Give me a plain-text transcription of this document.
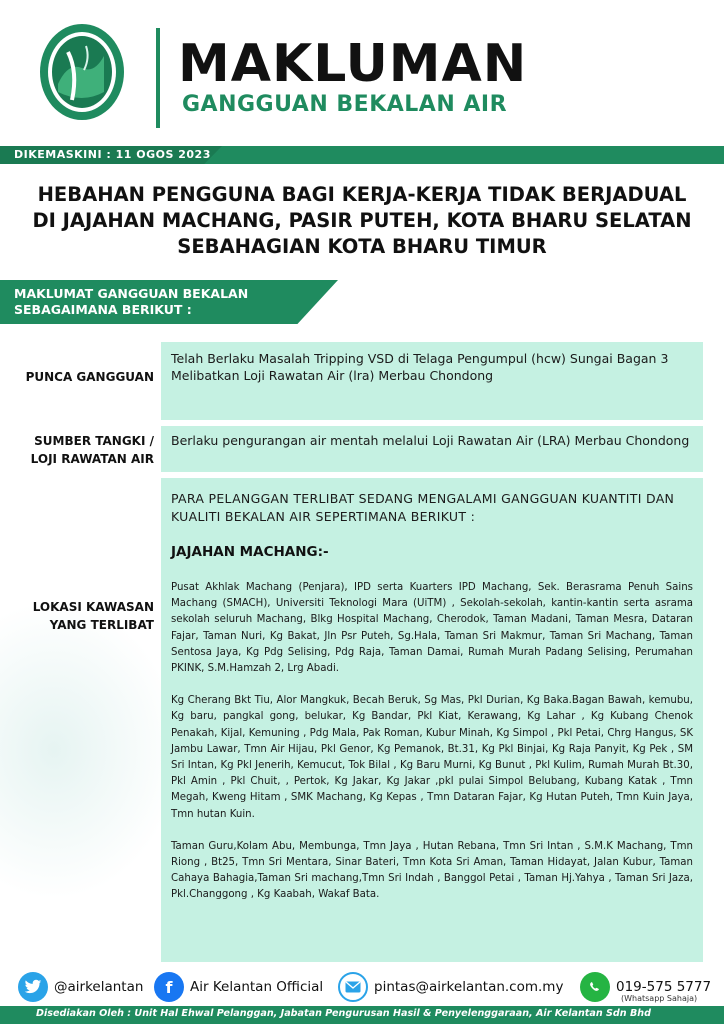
MAKLUMAN
GANGGUAN BEKALAN AIR
DIKEMASKINI : 11 OGOS 2023
HEBAHAN PENGGUNA BAGI KERJA-KERJA TIDAK BERJADUAL
DI JAJAHAN MACHANG, PASIR PUTEH, KOTA BHARU SELATAN
SEBAHAGIAN KOTA BHARU TIMUR
MAKLUMAT GANGGUAN BEKALAN
SEBAGAIMANA BERIKUT :
PUNCA GANGGUAN
Telah Berlaku Masalah Tripping VSD di Telaga Pengumpul (hcw) Sungai Bagan 3 Melibatkan Loji Rawatan Air (lra) Merbau Chondong
SUMBER TANGKI /
LOJI RAWATAN AIR
Berlaku pengurangan air mentah melalui Loji Rawatan Air (LRA) Merbau Chondong
LOKASI KAWASAN
YANG TERLIBAT
PARA PELANGGAN TERLIBAT SEDANG MENGALAMI GANGGUAN KUANTITI DAN KUALITI BEKALAN AIR SEPERTIMANA BERIKUT :
JAJAHAN MACHANG:-
Pusat Akhlak Machang (Penjara), IPD serta Kuarters IPD Machang, Sek. Berasrama Penuh Sains Machang (SMACH), Universiti Teknologi Mara (UiTM) , Sekolah-sekolah, kantin-kantin serta asrama sekolah seluruh Machang, Blkg Hospital Machang, Cherodok, Taman Madani, Taman Mesra, Dataran Fajar, Taman Nuri, Kg Bakat, Jln Psr Puteh, Sg.Hala, Taman Sri Makmur, Taman Sri Machang, Taman Sentosa Jaya, Kg Pdg Selising, Pdg Raja, Taman Damai, Rumah Murah Padang Selising, Perumahan PKINK, S.M.Hamzah 2, Lrg Abadi.
Kg Cherang Bkt Tiu, Alor Mangkuk, Becah Beruk, Sg Mas, Pkl Durian, Kg Baka.Bagan Bawah, kemubu, Kg baru, pangkal gong, belukar, Kg Bandar, Pkl Kiat, Kerawang, Kg Lahar , Kg Kubang Chenok Penakah, Kijal, Kemuning , Pdg Mala, Pak Roman, Kubur Minah, Kg Simpol , Pkl Petai, Chrg Hangus, SK Jambu Lawar, Tmn Air Hijau, Pkl Genor, Kg Pemanok, Bt.31, Kg Pkl Binjai, Kg Raja Panyit, Kg Pek , SM Sri Intan, Kg Pkl Jenerih, Kemucut, Tok Bilal , Kg Baru Murni, Kg Bunut , Pkl Kulim, Rumah Murah Bt.30, Pkl Amin , Pkl Chuit, , Pertok, Kg Jakar, Kg Jakar ,pkl pulai Simpol Belubang, Kubang Katak , Tmn Megah, Kweng Hitam , SMK Machang, Kg Kepas , Tmn Dataran Fajar, Kg Hutan Puteh, Tmn Kuin Jaya, Tmn hutan Kuin.
Taman Guru,Kolam Abu, Membunga, Tmn Jaya , Hutan Rebana, Tmn Sri Intan , S.M.K Machang, Tmn Riong , Bt25, Tmn Sri Mentara, Sinar Bateri, Tmn Kota Sri Aman, Taman Hidayat, Jalan Kubur, Taman Cahaya Bahagia,Taman Sri machang,Tmn Sri Indah , Banggol Petai , Taman Hj.Yahya , Taman Sri Jaza, Pkl.Changgong , Kg Kaabah, Wakaf Bata.
@airkelantan	f	Air Kelantan Official	pintas@airkelantan.com.my	019-575 5777
(Whatsapp Sahaja)
Disediakan Oleh : Unit Hal Ehwal Pelanggan, Jabatan Pengurusan Hasil & Penyelenggaraan, Air Kelantan Sdn Bhd
